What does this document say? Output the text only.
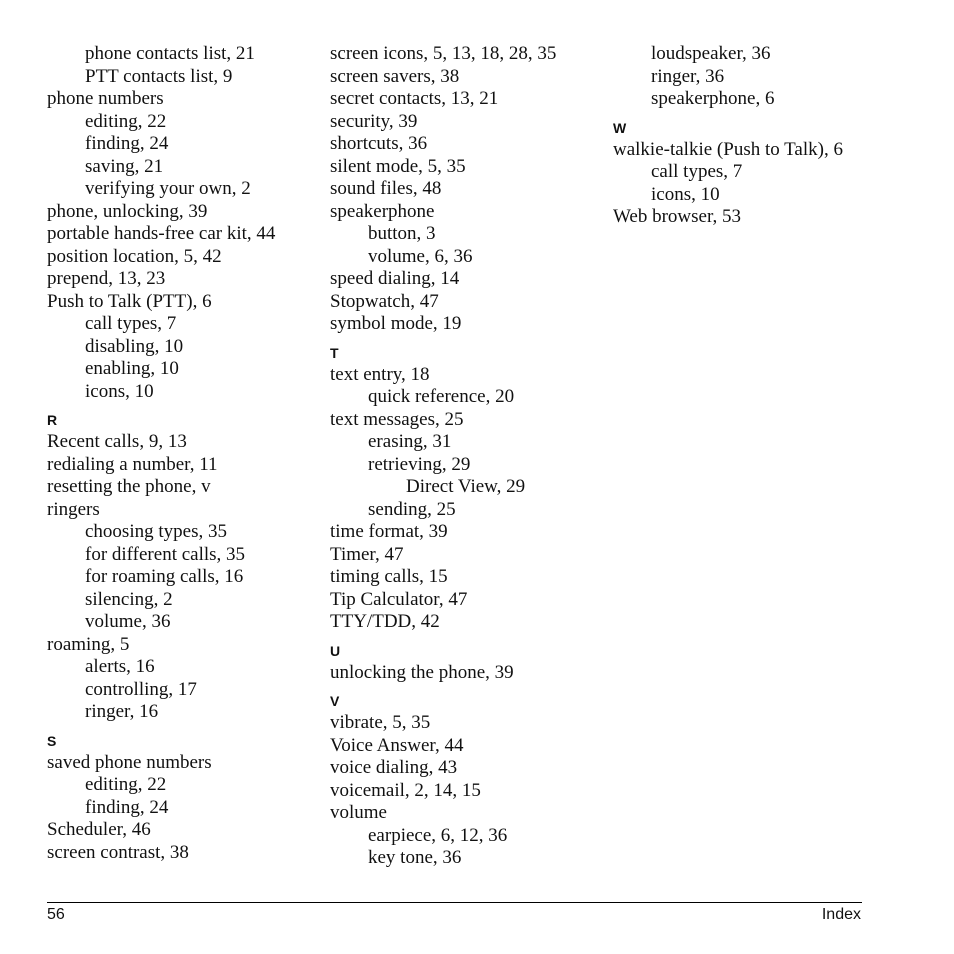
phone contacts list, 21
PTT contacts list, 9
phone numbers
editing, 22
finding, 24
saving, 21
verifying your own, 2
phone, unlocking, 39
portable hands-free car kit, 44
position location, 5, 42
prepend, 13, 23
Push to Talk (PTT), 6
call types, 7
disabling, 10
enabling, 10
icons, 10
R
Recent calls, 9, 13
redialing a number, 11
resetting the phone, v
ringers
choosing types, 35
for different calls, 35
for roaming calls, 16
silencing, 2
volume, 36
roaming, 5
alerts, 16
controlling, 17
ringer, 16
S
saved phone numbers
editing, 22
finding, 24
Scheduler, 46
screen contrast, 38
screen icons, 5, 13, 18, 28, 35
screen savers, 38
secret contacts, 13, 21
security, 39
shortcuts, 36
silent mode, 5, 35
sound files, 48
speakerphone
button, 3
volume, 6, 36
speed dialing, 14
Stopwatch, 47
symbol mode, 19
T
text entry, 18
quick reference, 20
text messages, 25
erasing, 31
retrieving, 29
Direct View, 29
sending, 25
time format, 39
Timer, 47
timing calls, 15
Tip Calculator, 47
TTY/TDD, 42
U
unlocking the phone, 39
V
vibrate, 5, 35
Voice Answer, 44
voice dialing, 43
voicemail, 2, 14, 15
volume
earpiece, 6, 12, 36
key tone, 36
loudspeaker, 36
ringer, 36
speakerphone, 6
W
walkie-talkie (Push to Talk), 6
call types, 7
icons, 10
Web browser, 53
56	Index
